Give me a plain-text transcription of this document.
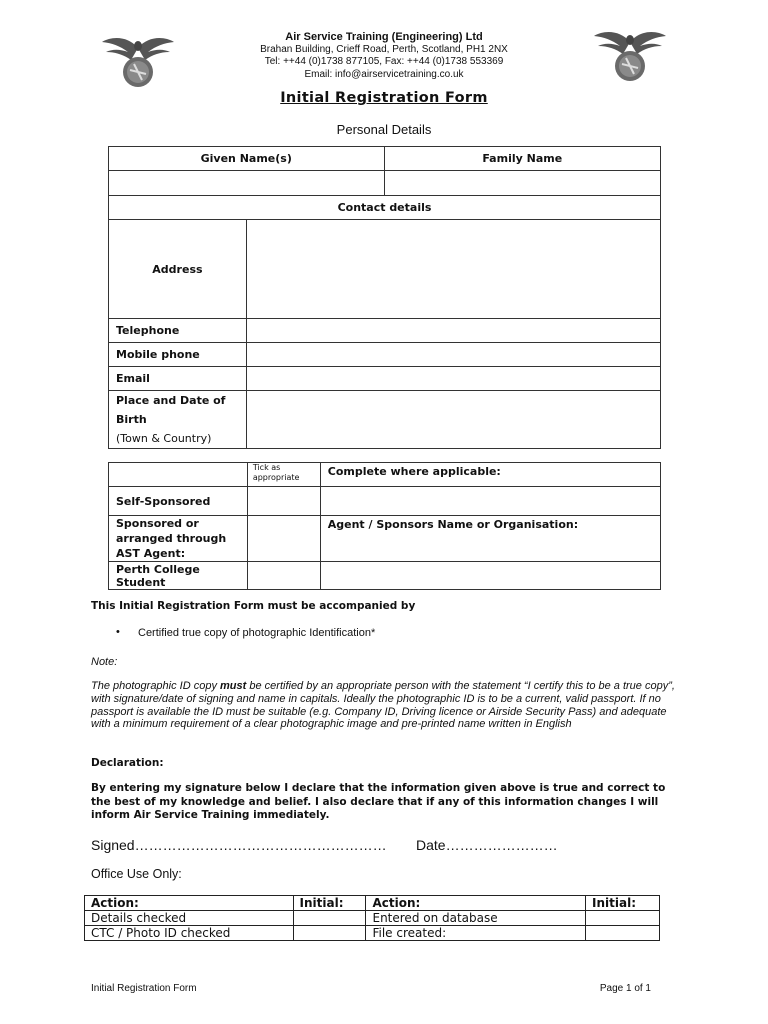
Air Service Training (Engineering) Ltd
Brahan Building, Crieff Road, Perth, Scotland, PH1 2NX
Tel: ++44 (0)1738 877105, Fax: ++44 (0)1738 553369
Email: info@airservicetraining.co.uk
Initial Registration Form
Personal Details
Given Name(s)		Family Name

Contact details		
Address		
Telephone		
Mobile phone		
Email		

Place and Date of Birth
(Town & Country)		

	Tick as appropriate	Complete where applicable:
Self-Sponsored		
Sponsored or arranged through AST Agent:		Agent / Sponsors Name or Organisation:
Perth College Student		
This Initial Registration Form must be accompanied by
• Certified true copy of photographic Identification*
Note:
The photographic ID copy must be certified by an appropriate person with the statement “I certify this to be a true copy”, with signature/date of signing and name in capitals. Ideally the photographic ID is to be a current, valid passport. If no passport is available the ID must be suitable (e.g. Company ID, Driving licence or Airside Security Pass) and adequate with a minimum requirement of a clear photographic image and pre-printed name written in English
Declaration:
By entering my signature below I declare that the information given above is true and correct to the best of my knowledge and belief. I also declare that if any of this information changes I will inform Air Service Training immediately.
Signed……………………………………………… Date……………………
Office Use Only:
Action:	Initial:	Action:	Initial:
Details checked		Entered on database	
CTC / Photo ID checked		File created:	
Initial Registration Form	Page 1 of 1
